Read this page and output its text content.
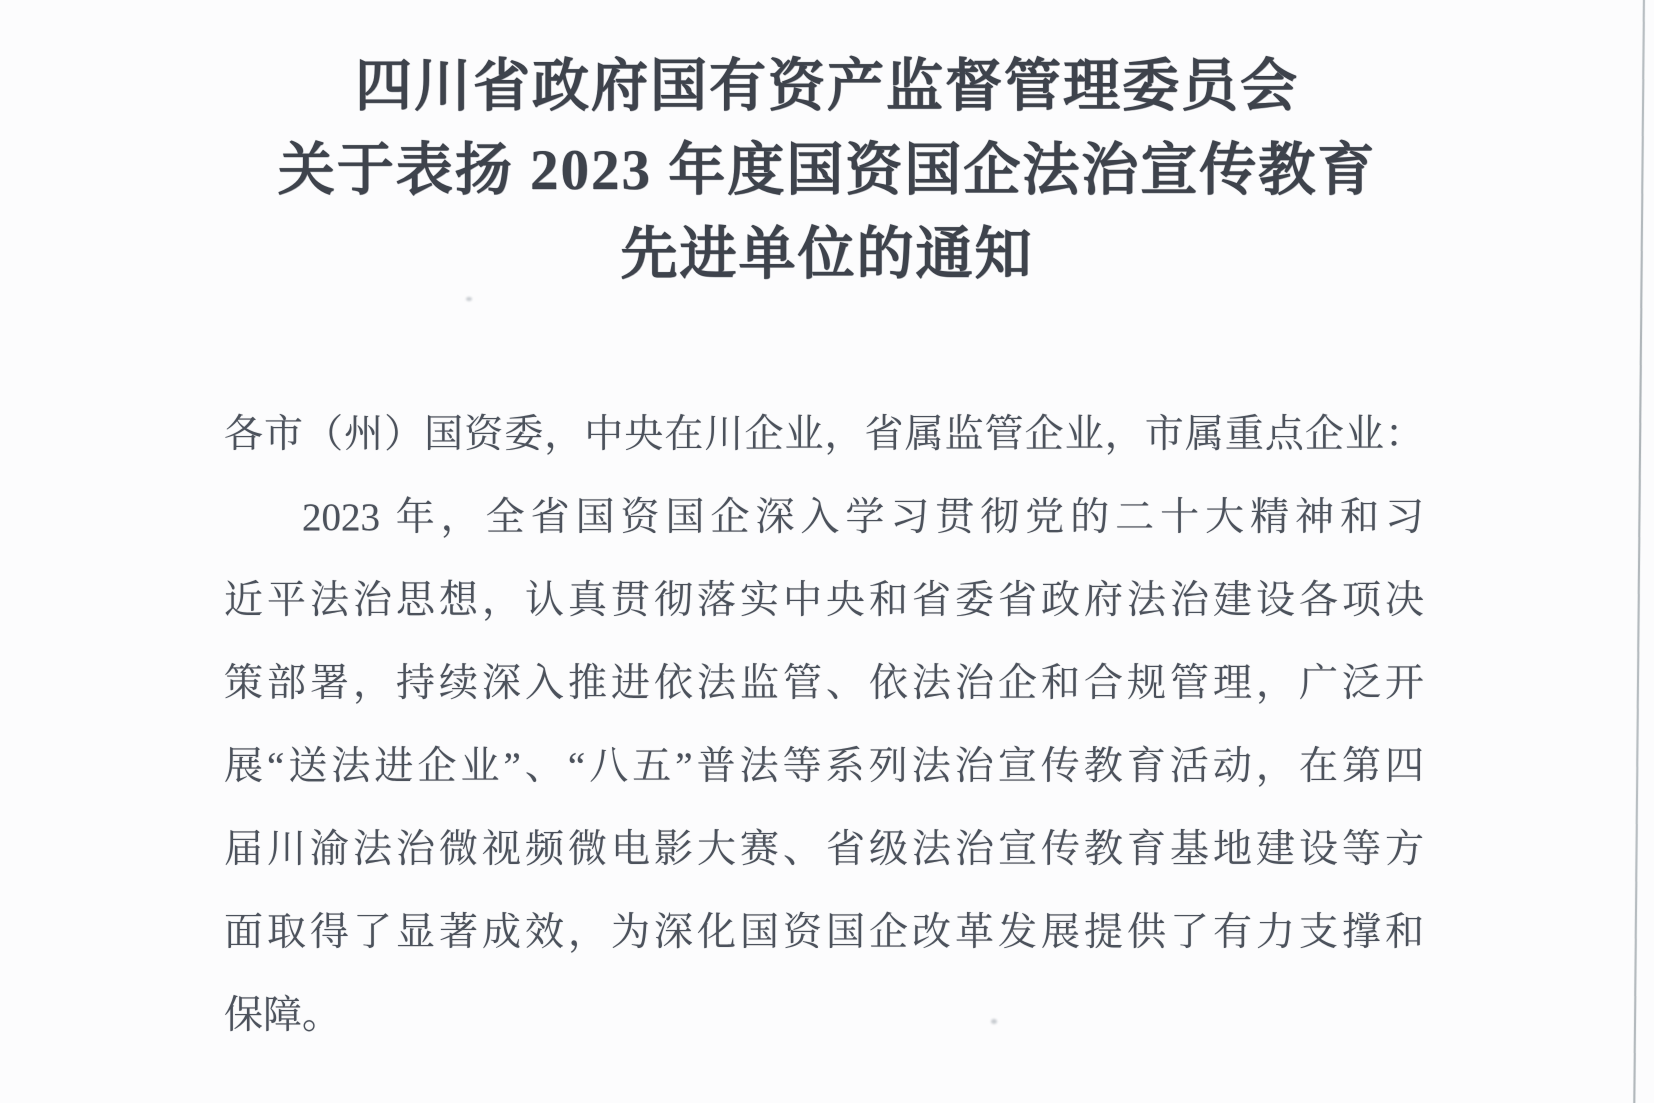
四川省政府国有资产监督管理委员会
关于表扬 2023 年度国资国企法治宣传教育
先进单位的通知
各市（州）国资委，中央在川企业，省属监管企业，市属重点企业：
2023 年，全省国资国企深入学习贯彻党的二十大精神和习
近平法治思想，认真贯彻落实中央和省委省政府法治建设各项决
策部署，持续深入推进依法监管、依法治企和合规管理，广泛开
展“送法进企业”、“八五”普法等系列法治宣传教育活动，在第四
届川渝法治微视频微电影大赛、省级法治宣传教育基地建设等方
面取得了显著成效，为深化国资国企改革发展提供了有力支撑和
保障。
